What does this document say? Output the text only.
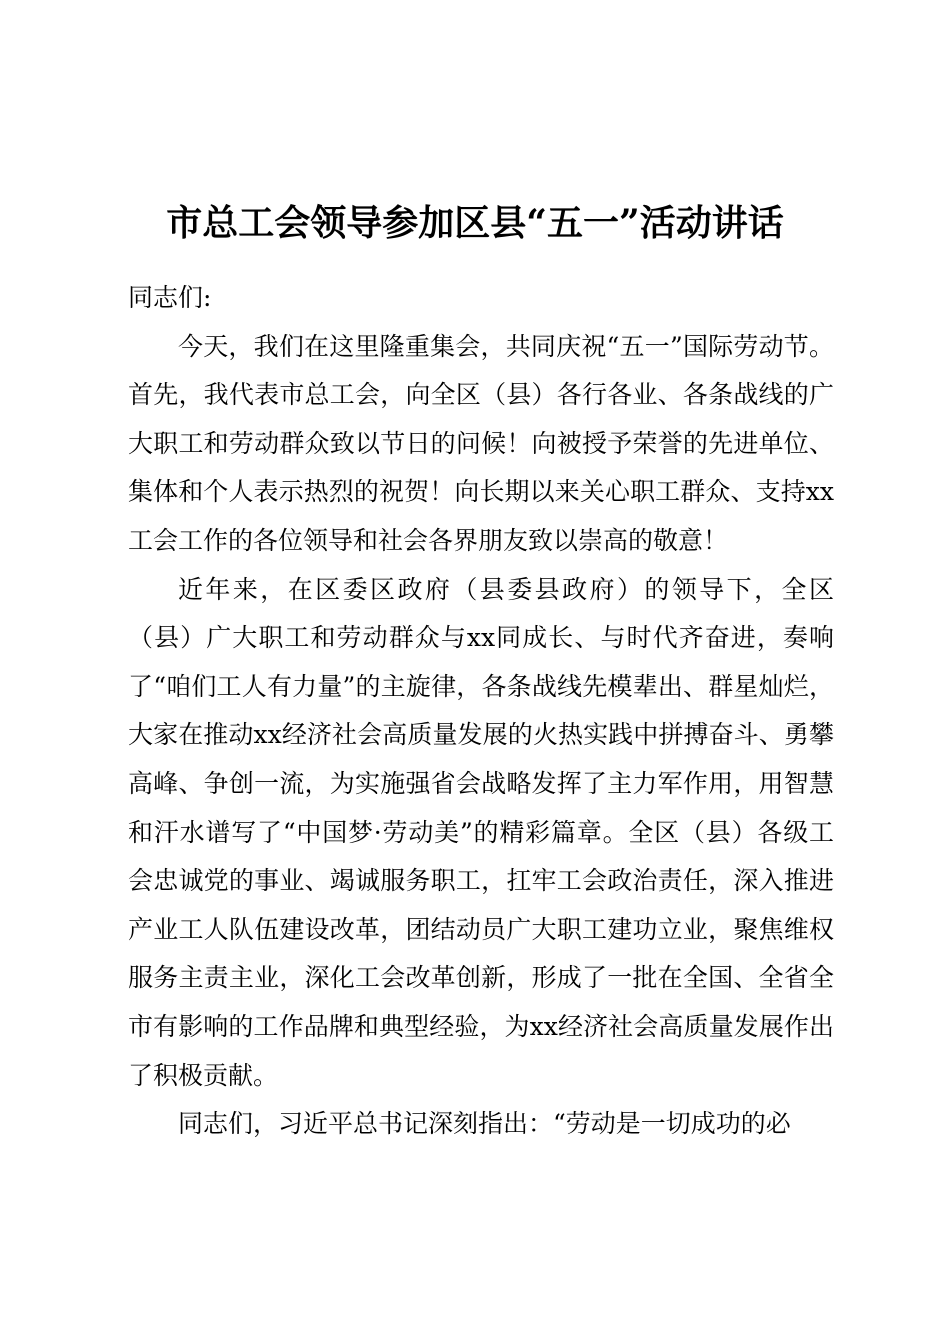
市总工会领导参加区县“五一”活动讲话

同志们:

今天，我们在这里隆重集会，共同庆祝“五一”国际劳动节。首先，我代表市总工会，向全区（县）各行各业、各条战线的广大职工和劳动群众致以节日的问候！向被授予荣誉的先进单位、集体和个人表示热烈的祝贺！向长期以来关心职工群众、支持xx工会工作的各位领导和社会各界朋友致以崇高的敬意！

近年来，在区委区政府（县委县政府）的领导下，全区（县）广大职工和劳动群众与xx同成长、与时代齐奋进，奏响了“咱们工人有力量”的主旋律，各条战线先模辈出、群星灿烂，大家在推动xx经济社会高质量发展的火热实践中拼搏奋斗、勇攀高峰、争创一流，为实施强省会战略发挥了主力军作用，用智慧和汗水谱写了“中国梦·劳动美”的精彩篇章。全区（县）各级工会忠诚党的事业、竭诚服务职工，扛牢工会政治责任，深入推进产业工人队伍建设改革，团结动员广大职工建功立业，聚焦维权服务主责主业，深化工会改革创新，形成了一批在全国、全省全市有影响的工作品牌和典型经验，为xx经济社会高质量发展作出了积极贡献。

同志们，习近平总书记深刻指出：“劳动是一切成功的必
